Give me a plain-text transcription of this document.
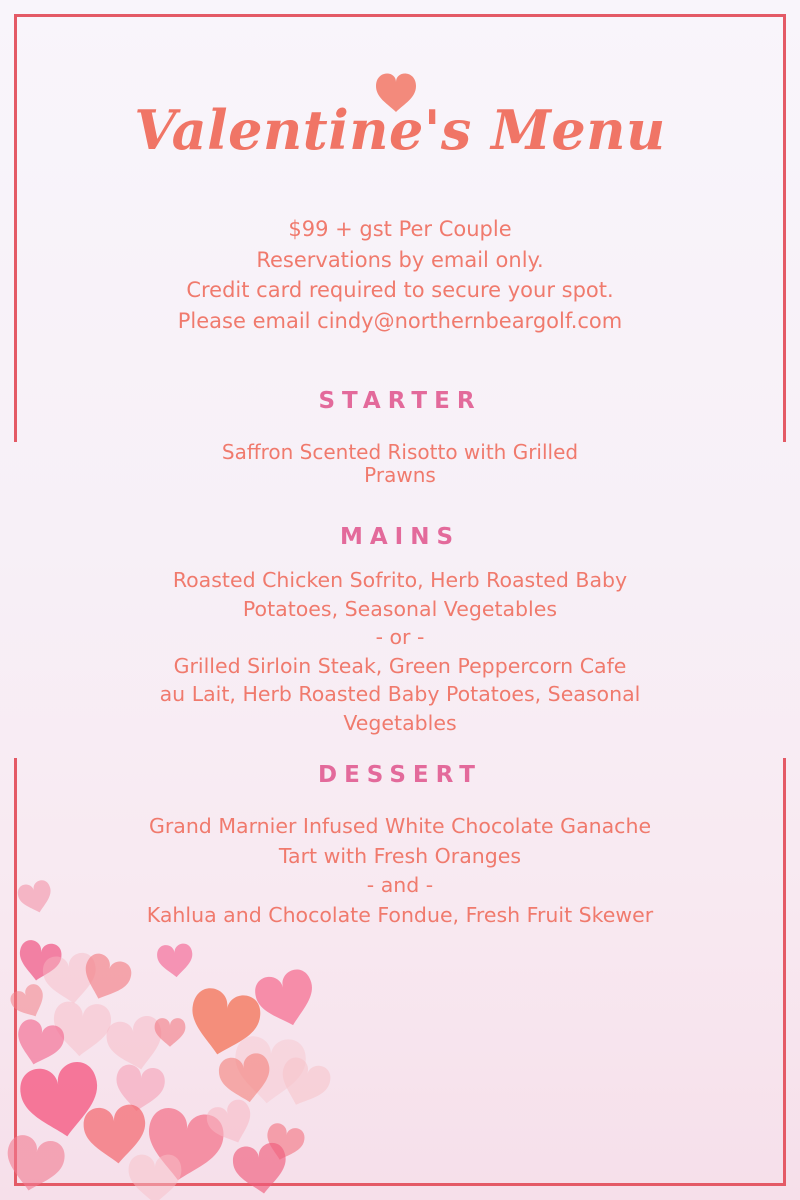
Valentine's Menu
$99 + gst Per Couple
Reservations by email only.
Credit card required to secure your spot.
Please email cindy@northernbeargolf.com
STARTER
Saffron Scented Risotto with Grilled
Prawns
MAINS
Roasted Chicken Sofrito, Herb Roasted Baby
Potatoes, Seasonal Vegetables
- or -
Grilled Sirloin Steak, Green Peppercorn Cafe
au Lait, Herb Roasted Baby Potatoes, Seasonal
Vegetables
DESSERT
Grand Marnier Infused White Chocolate Ganache
Tart with Fresh Oranges
- and -
Kahlua and Chocolate Fondue, Fresh Fruit Skewer
